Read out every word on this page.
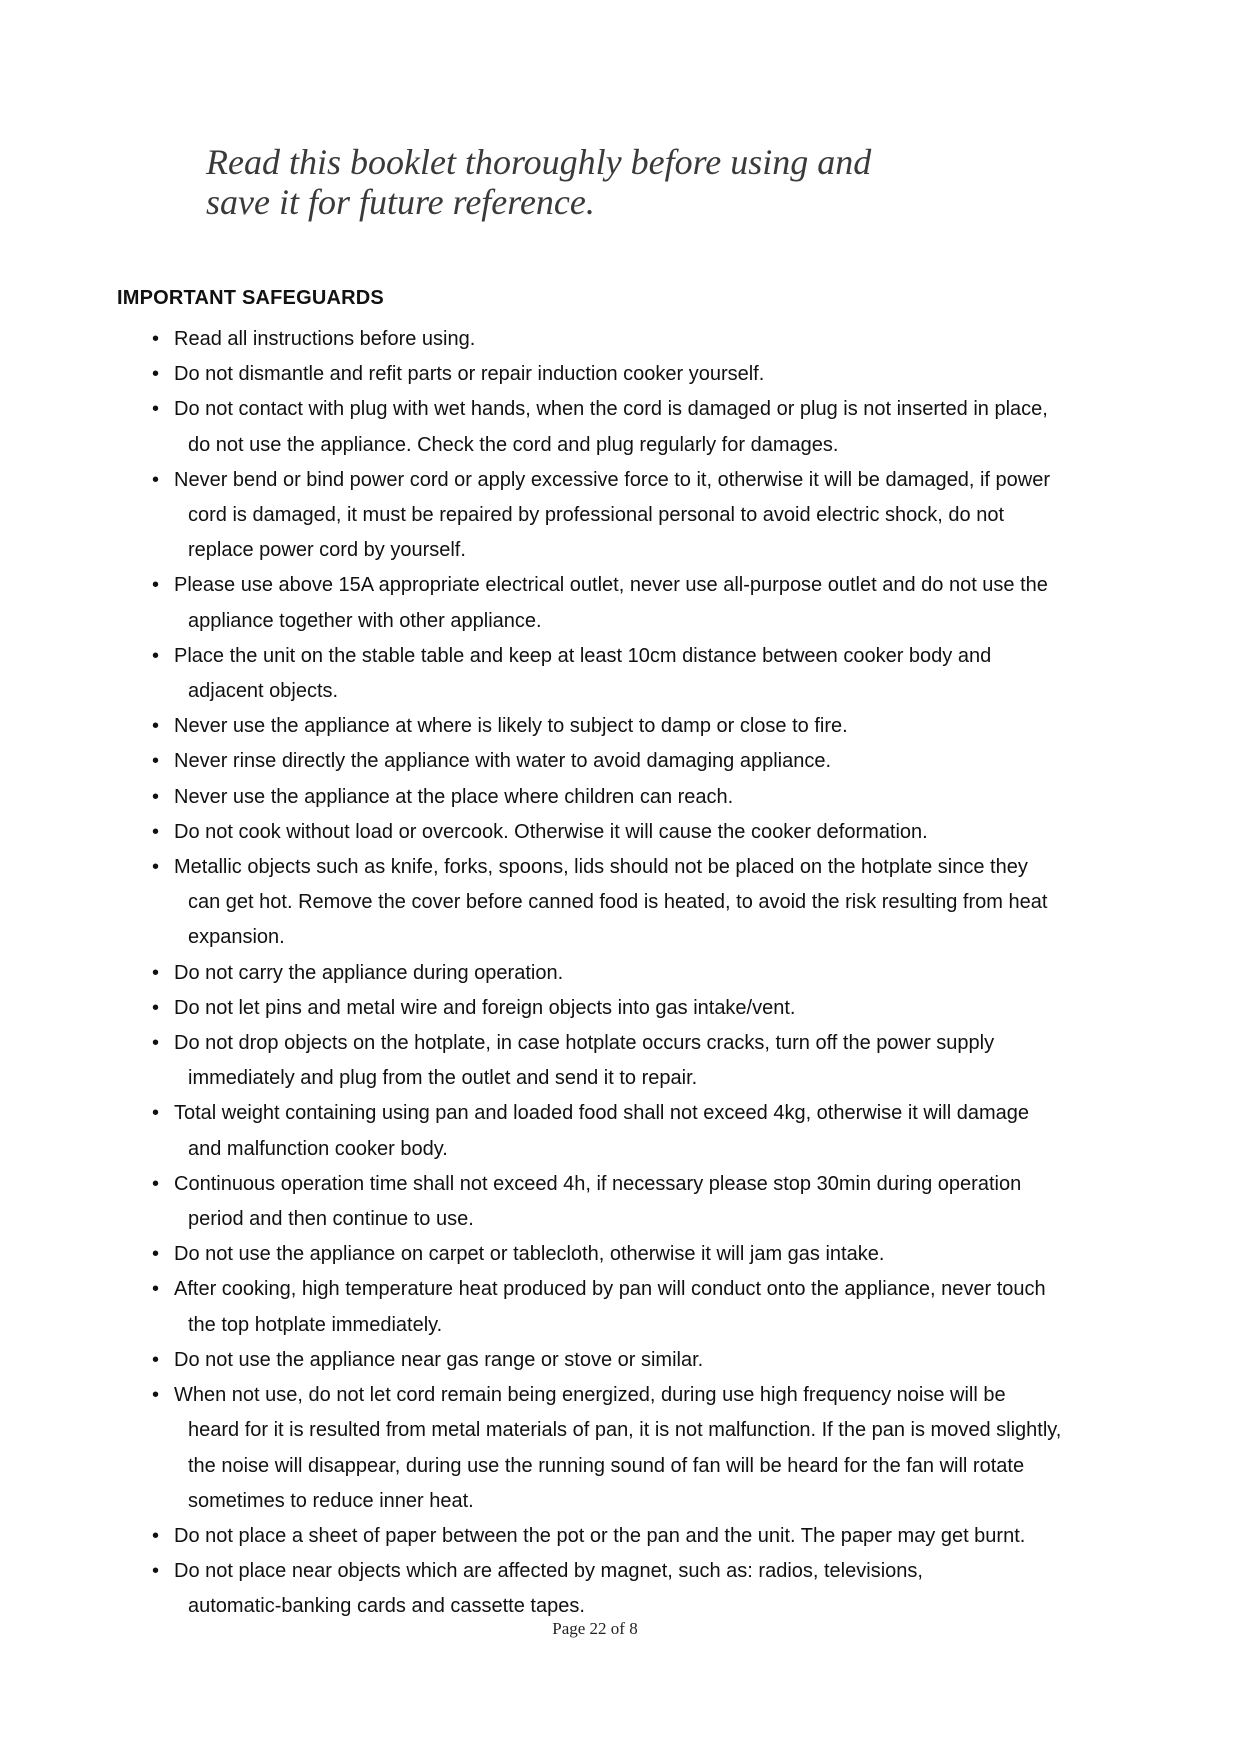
Read this booklet thoroughly before using and
save it for future reference.
IMPORTANT SAFEGUARDS
• Read all instructions before using.
• Do not dismantle and refit parts or repair induction cooker yourself.
• Do not contact with plug with wet hands, when the cord is damaged or plug is not inserted in place,
do not use the appliance. Check the cord and plug regularly for damages.
• Never bend or bind power cord or apply excessive force to it, otherwise it will be damaged, if power
cord is damaged, it must be repaired by professional personal to avoid electric shock, do not
replace power cord by yourself.
• Please use above 15A appropriate electrical outlet, never use all-purpose outlet and do not use the
appliance together with other appliance.
• Place the unit on the stable table and keep at least 10cm distance between cooker body and
adjacent objects.
• Never use the appliance at where is likely to subject to damp or close to fire.
• Never rinse directly the appliance with water to avoid damaging appliance.
• Never use the appliance at the place where children can reach.
• Do not cook without load or overcook. Otherwise it will cause the cooker deformation.
• Metallic objects such as knife, forks, spoons, lids should not be placed on the hotplate since they
can get hot. Remove the cover before canned food is heated, to avoid the risk resulting from heat
expansion.
• Do not carry the appliance during operation.
• Do not let pins and metal wire and foreign objects into gas intake/vent.
• Do not drop objects on the hotplate, in case hotplate occurs cracks, turn off the power supply
immediately and plug from the outlet and send it to repair.
• Total weight containing using pan and loaded food shall not exceed 4kg, otherwise it will damage
and malfunction cooker body.
• Continuous operation time shall not exceed 4h, if necessary please stop 30min during operation
period and then continue to use.
• Do not use the appliance on carpet or tablecloth, otherwise it will jam gas intake.
• After cooking, high temperature heat produced by pan will conduct onto the appliance, never touch
the top hotplate immediately.
• Do not use the appliance near gas range or stove or similar.
• When not use, do not let cord remain being energized, during use high frequency noise will be
heard for it is resulted from metal materials of pan, it is not malfunction. If the pan is moved slightly,
the noise will disappear, during use the running sound of fan will be heard for the fan will rotate
sometimes to reduce inner heat.
• Do not place a sheet of paper between the pot or the pan and the unit. The paper may get burnt.
• Do not place near objects which are affected by magnet, such as: radios, televisions,
automatic-banking cards and cassette tapes.
Page 22 of 8
